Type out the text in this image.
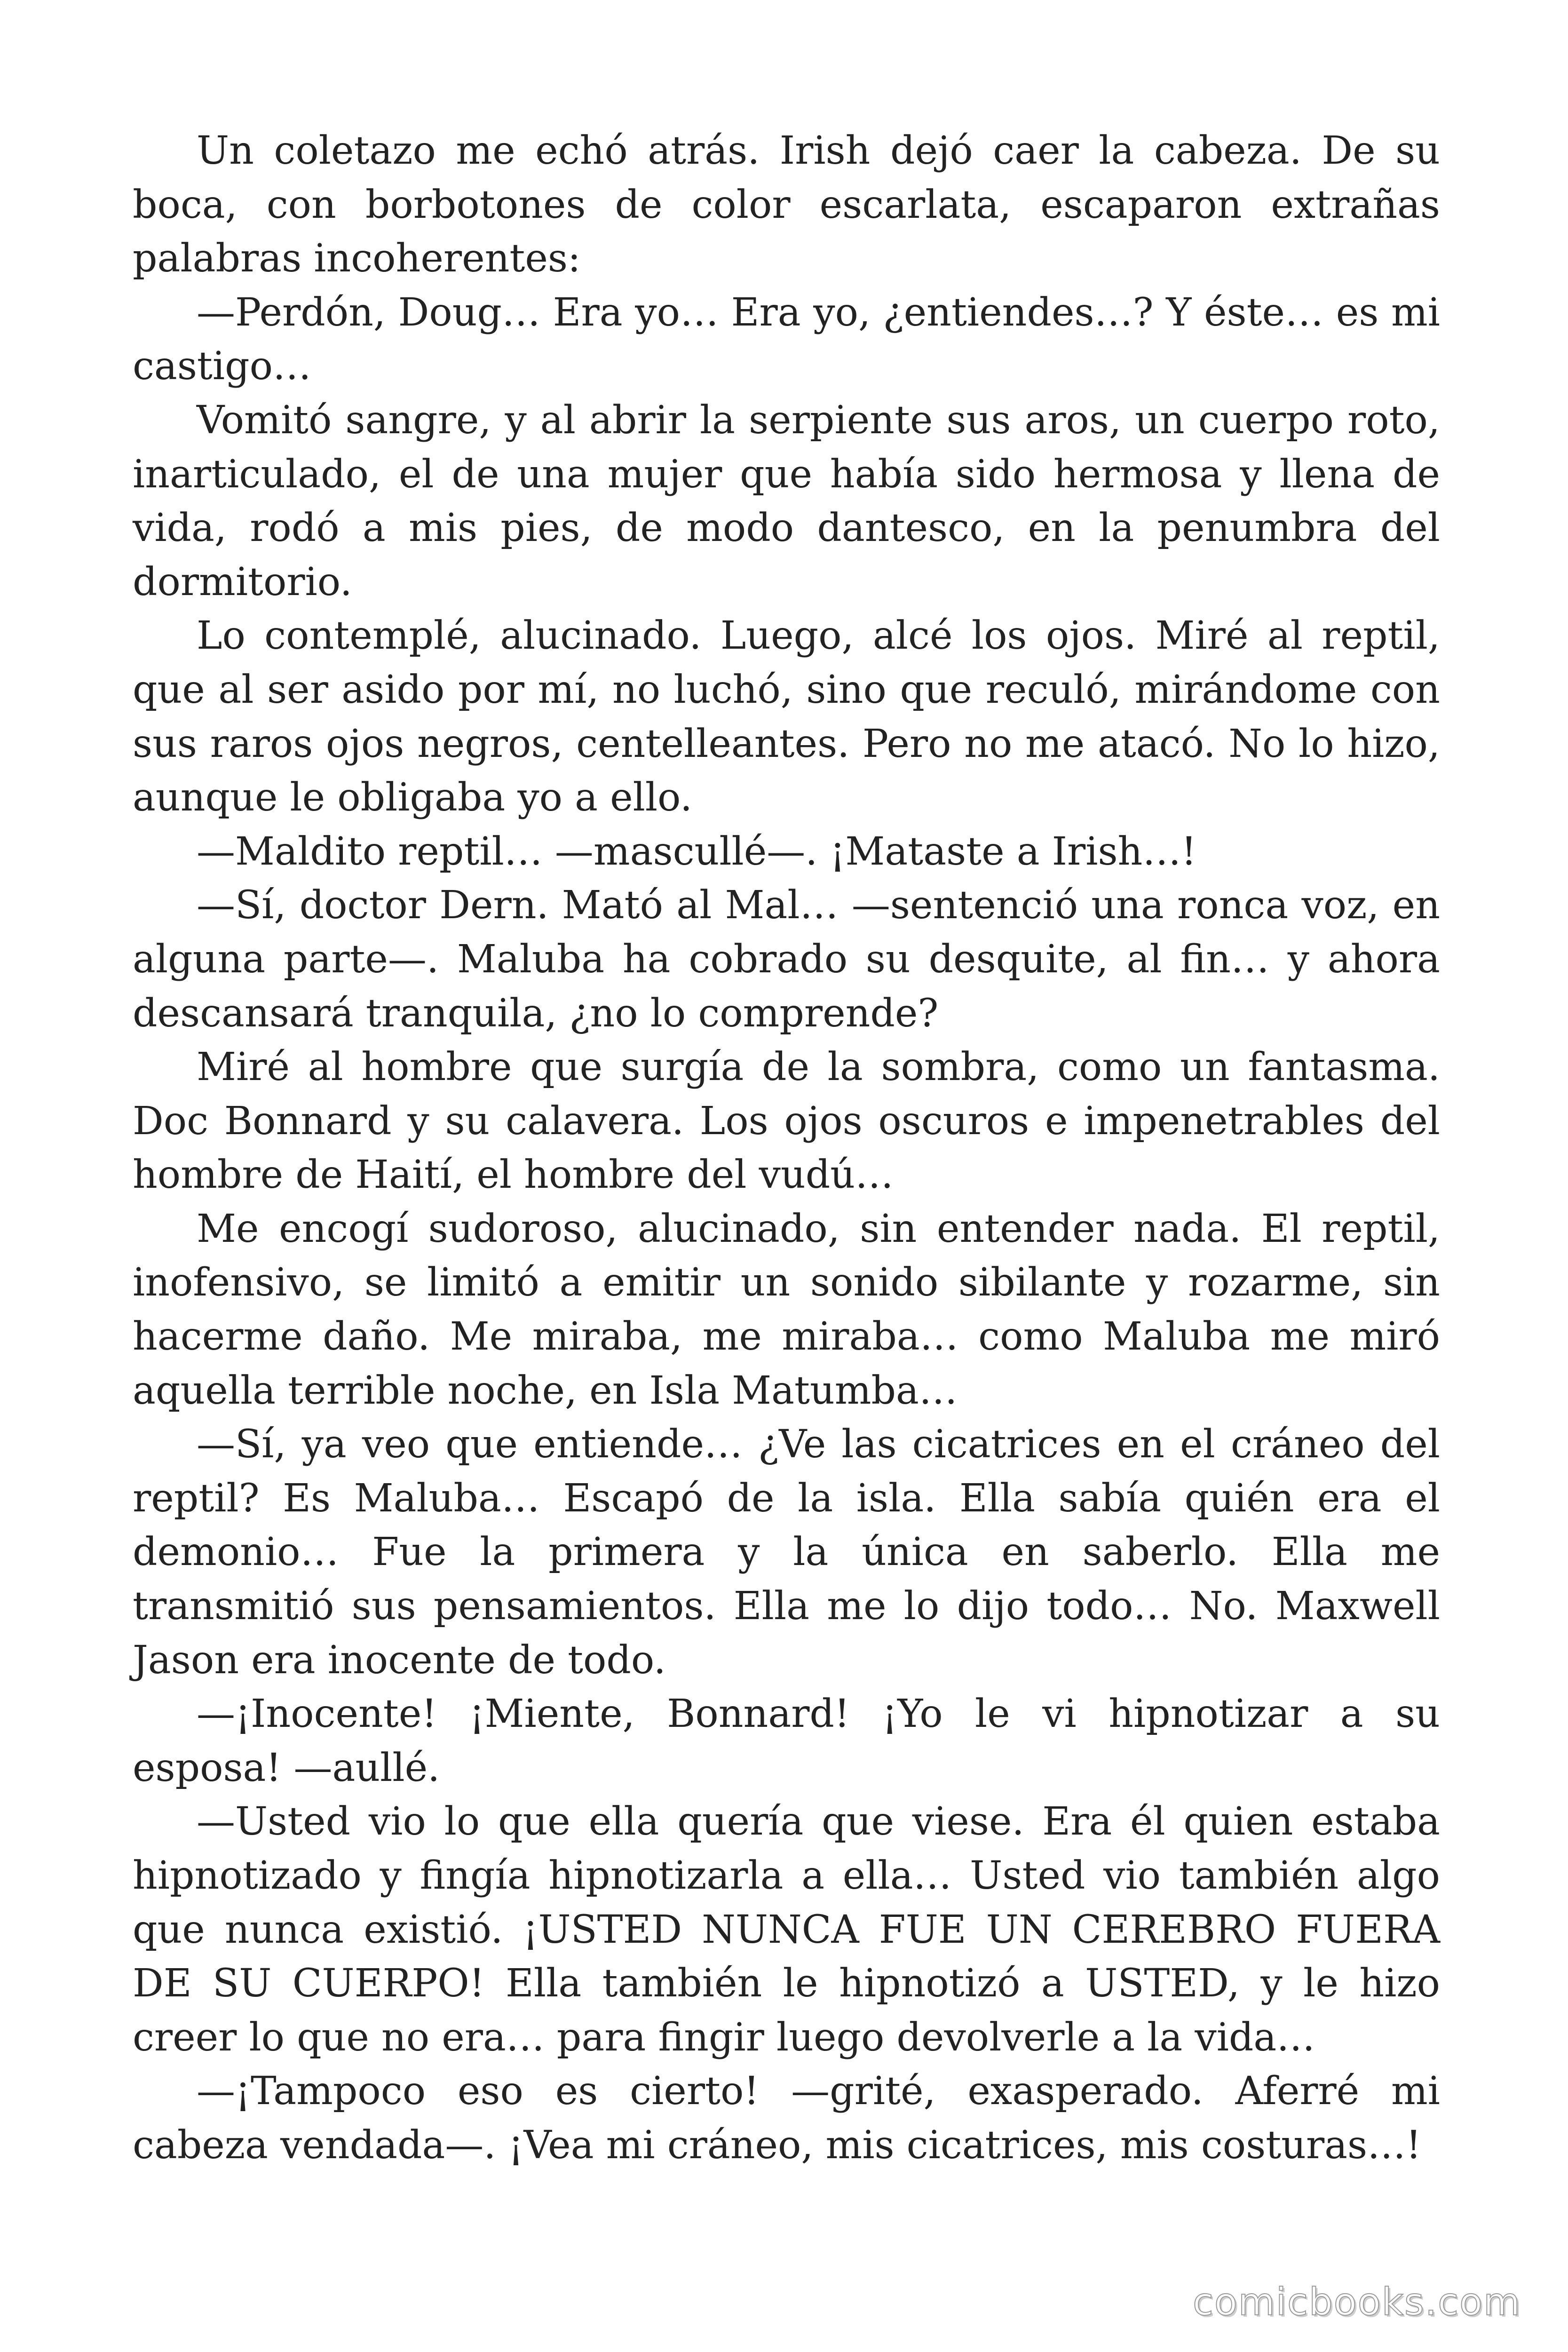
Un coletazo me echó atrás. Irish dejó caer la cabeza. De su boca, con borbotones de color escarlata, escaparon extrañas palabras incoherentes:

—Perdón, Doug… Era yo… Era yo, ¿entiendes…? Y éste… es mi castigo…

Vomitó sangre, y al abrir la serpiente sus aros, un cuerpo roto, inarticulado, el de una mujer que había sido hermosa y llena de vida, rodó a mis pies, de modo dantesco, en la penumbra del dormitorio.

Lo contemplé, alucinado. Luego, alcé los ojos. Miré al reptil, que al ser asido por mí, no luchó, sino que reculó, mirándome con sus raros ojos negros, centelleantes. Pero no me atacó. No lo hizo, aunque le obligaba yo a ello.

—Maldito reptil… —mascullé—. ¡Mataste a Irish…!

—Sí, doctor Dern. Mató al Mal… —sentenció una ronca voz, en alguna parte—. Maluba ha cobrado su desquite, al fin… y ahora descansará tranquila, ¿no lo comprende?

Miré al hombre que surgía de la sombra, como un fantasma. Doc Bonnard y su calavera. Los ojos oscuros e impenetrables del hombre de Haití, el hombre del vudú…

Me encogí sudoroso, alucinado, sin entender nada. El reptil, inofensivo, se limitó a emitir un sonido sibilante y rozarme, sin hacerme daño. Me miraba, me miraba… como Maluba me miró aquella terrible noche, en Isla Matumba…

—Sí, ya veo que entiende… ¿Ve las cicatrices en el cráneo del reptil? Es Maluba… Escapó de la isla. Ella sabía quién era el demonio… Fue la primera y la única en saberlo. Ella me transmitió sus pensamientos. Ella me lo dijo todo… No. Maxwell Jason era inocente de todo.

—¡Inocente! ¡Miente, Bonnard! ¡Yo le vi hipnotizar a su esposa! —aullé.

—Usted vio lo que ella quería que viese. Era él quien estaba hipnotizado y fingía hipnotizarla a ella… Usted vio también algo que nunca existió. ¡USTED NUNCA FUE UN CEREBRO FUERA DE SU CUERPO! Ella también le hipnotizó a USTED, y le hizo creer lo que no era… para fingir luego devolverle a la vida…

—¡Tampoco eso es cierto! —grité, exasperado. Aferré mi cabeza vendada—. ¡Vea mi cráneo, mis cicatrices, mis costuras…!

comicbooks.com
